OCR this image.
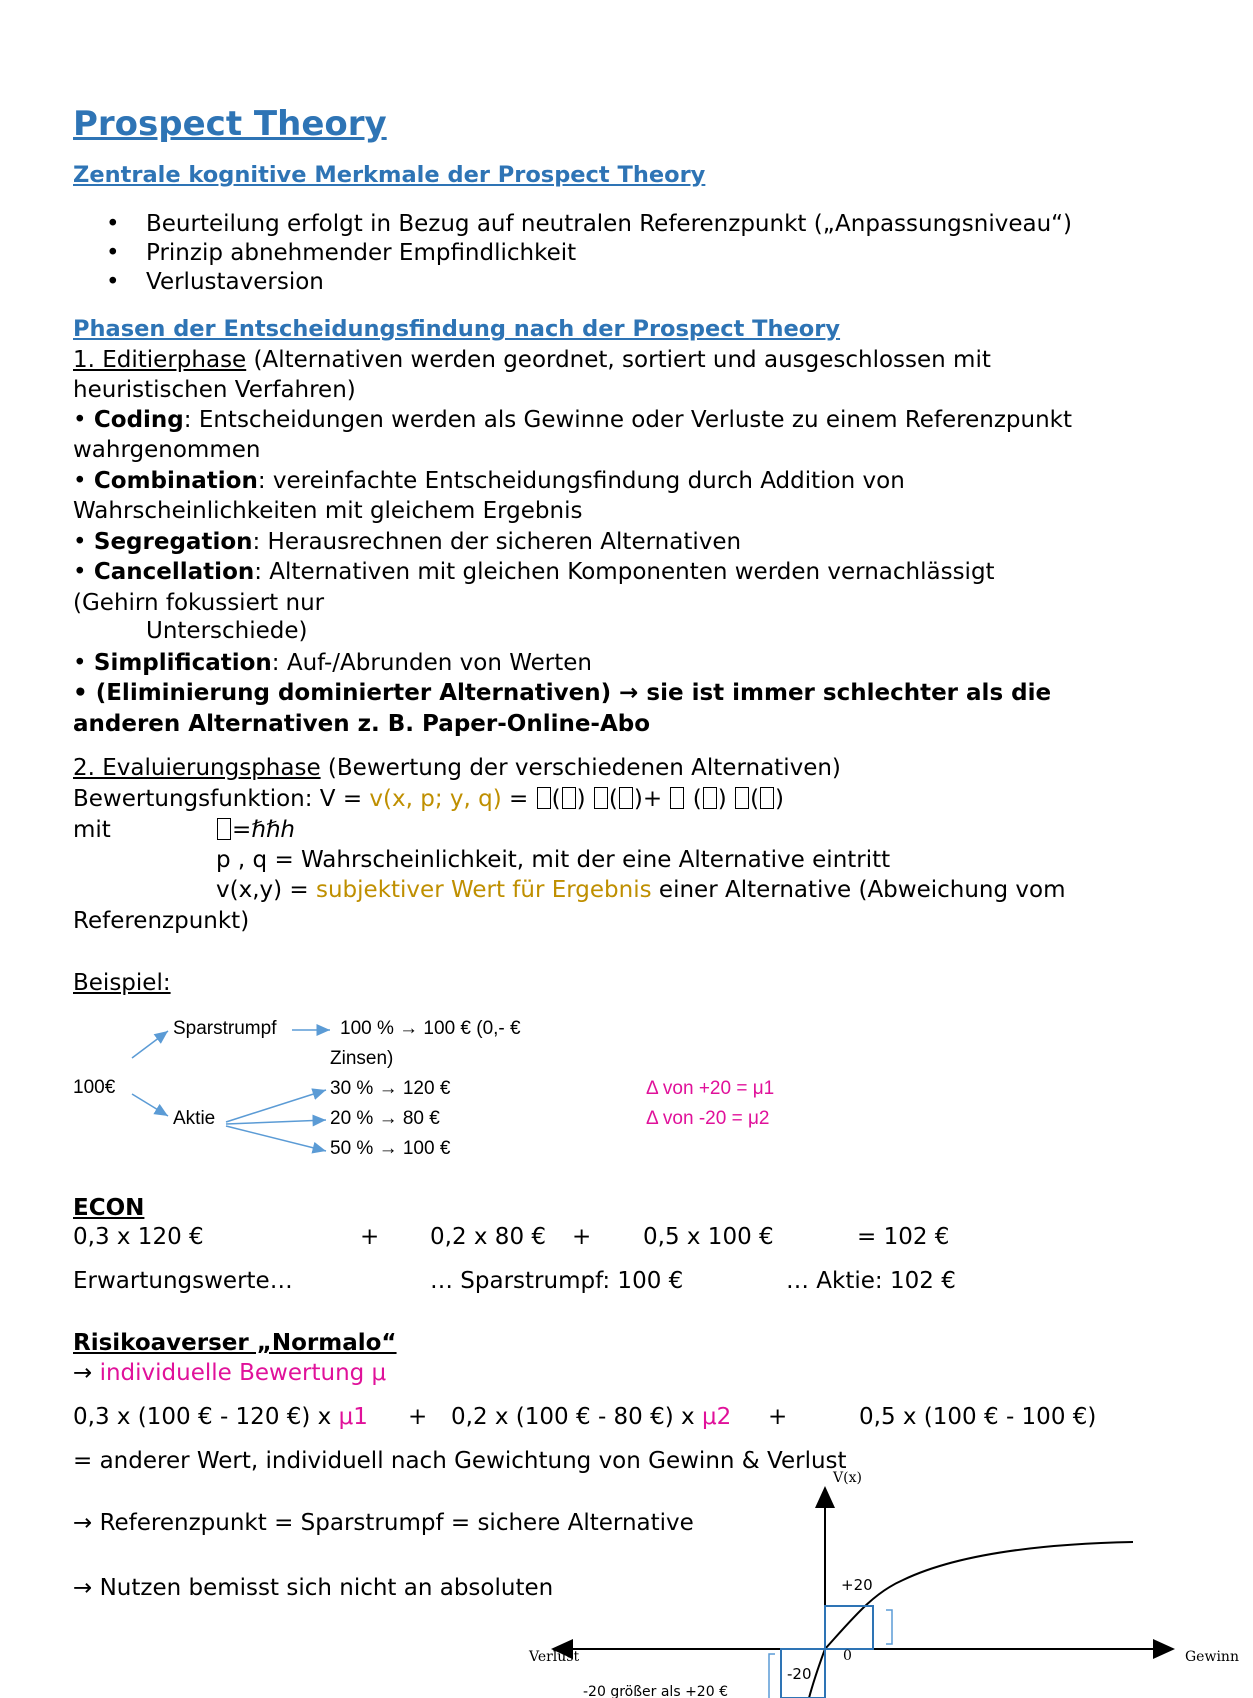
Prospect Theory
Zentrale kognitive Merkmale der Prospect Theory
• Beurteilung erfolgt in Bezug auf neutralen Referenzpunkt („Anpassungsniveau“)
• Prinzip abnehmender Empfindlichkeit
• Verlustaversion
Phasen der Entscheidungsfindung nach der Prospect Theory
1. Editierphase (Alternativen werden geordnet, sortiert und ausgeschlossen mit
heuristischen Verfahren)
• Coding: Entscheidungen werden als Gewinne oder Verluste zu einem Referenzpunkt
wahrgenommen
• Combination: vereinfachte Entscheidungsfindung durch Addition von
Wahrscheinlichkeiten mit gleichem Ergebnis
• Segregation: Herausrechnen der sicheren Alternativen
• Cancellation: Alternativen mit gleichen Komponenten werden vernachlässigt
(Gehirn fokussiert nur
Unterschiede)
• Simplification: Auf-/Abrunden von Werten
• (Eliminierung dominierter Alternativen) → sie ist immer schlechter als die
anderen Alternativen z. B. Paper-Online-Abo
2. Evaluierungsphase (Bewertung der verschiedenen Alternativen)
Bewertungsfunktion: V = v(x, p; y, q) = ( ) ( )+  ( ) ( )
mit	=ℏℏℎ
p , q = Wahrscheinlichkeit, mit der eine Alternative eintritt
v(x,y) = subjektiver Wert für Ergebnis einer Alternative (Abweichung vom
Referenzpunkt)
Beispiel:
100€
Sparstrumpf	100 % → 100 € (0,- €
Zinsen)
Aktie
30 % → 120 €
20 % → 80 €
50 % → 100 €
Δ von +20 = μ1
Δ von -20 = μ2
ECON
0,3 x 120 €	+ 0,2 x 80 € + 0,5 x 100 €	= 102 €
Erwartungswerte…	… Sparstrumpf: 100 €	… Aktie: 102 €
Risikoaverser „Normalo“
→ individuelle Bewertung μ
0,3 x (100 € - 120 €) x μ1 + 0,2 x (100 € - 80 €) x μ2 +	0,5 x (100 € - 100 €)
= anderer Wert, individuell nach Gewichtung von Gewinn & Verlust
→ Referenzpunkt = Sparstrumpf = sichere Alternative
→ Nutzen bemisst sich nicht an absoluten
V(x)
Verlust	Gewinn
0
+20
-20
-20 größer als +20 €
